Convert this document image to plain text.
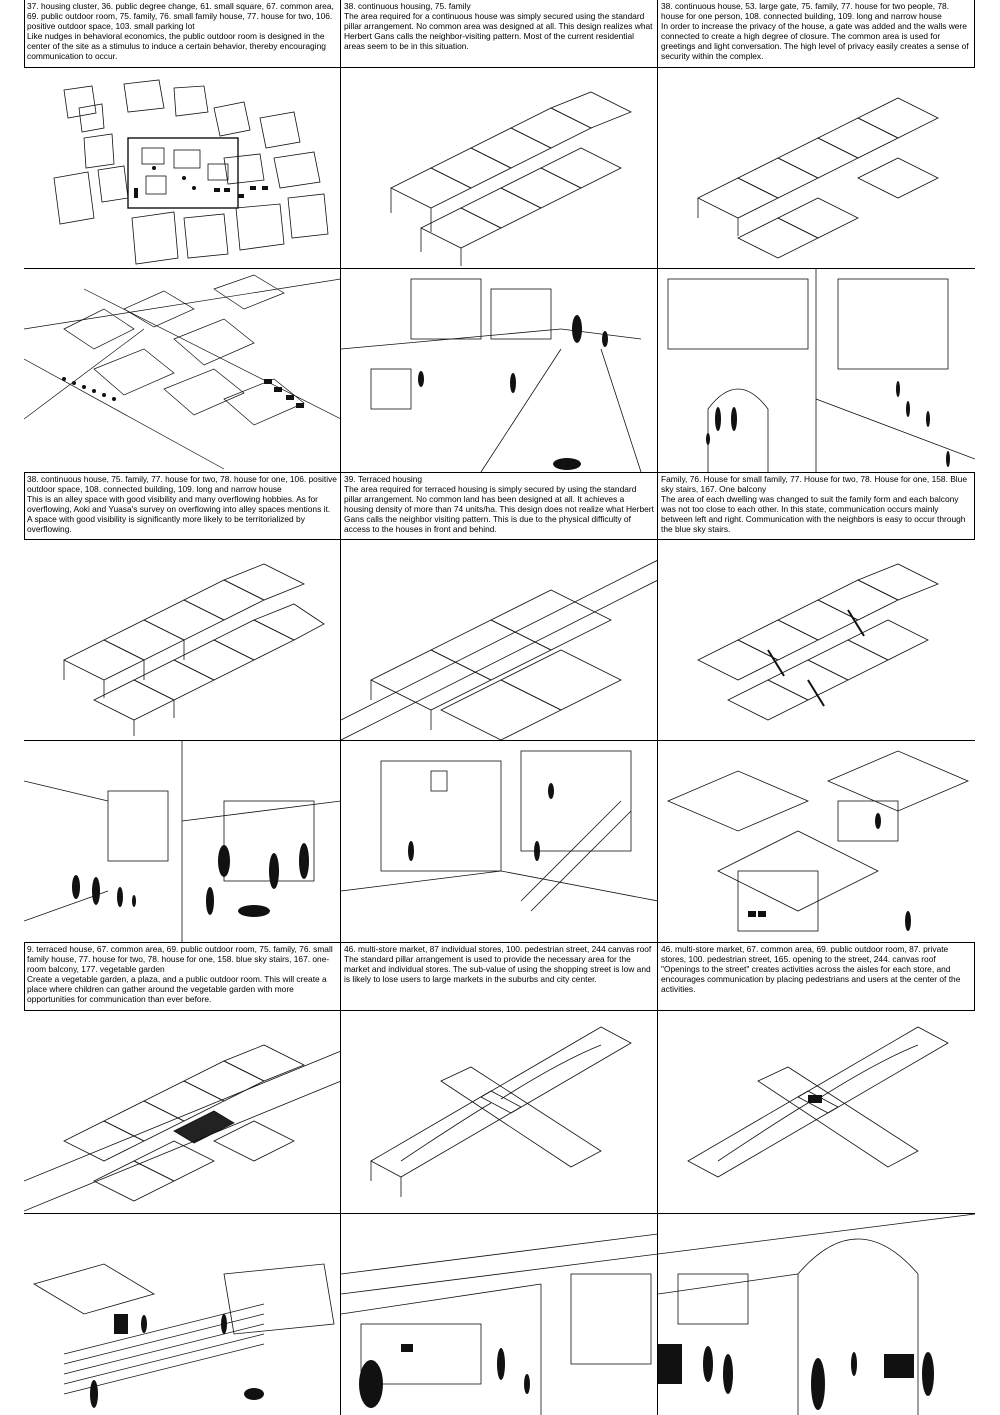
37. housing cluster, 36. public degree change, 61. small square, 67. common area, 69. public outdoor room, 75. family, 76. small family house, 77. house for two, 106. positive outdoor space, 103. small parking lot
Like nudges in behavioral economics, the public outdoor room is designed in the center of the site as a stimulus to induce a certain behavior, thereby encouraging communication to occur.
38. continuous house, 75. family, 77. house for two, 78. house for one, 106. positive outdoor space, 108. connected building, 109. long and narrow house
This is an alley space with good visibility and many overflowing hobbies. As for overflowing, Aoki and Yuasa's survey on overflowing into alley spaces mentions it. A space with good visibility is significantly more likely to be territorialized by overflowing.
9. terraced house, 67. common area, 69. public outdoor room, 75. family, 76. small family house, 77. house for two, 78. house for one, 158. blue sky stairs, 167. one-room balcony, 177. vegetable garden
Create a vegetable garden, a plaza, and a public outdoor room. This will create a place where children can gather around the vegetable garden with more opportunities for communication than ever before.
38. continuous housing, 75. family
The area required for a continuous house was simply secured using the standard pillar arrangement. No common area was designed at all. This design realizes what Herbert Gans calls the neighbor-visiting pattern. Most of the current residential areas seem to be in this situation.
39. Terraced housing
The area required for terraced housing is simply secured by using the standard pillar arrangement. No common land has been designed at all. It achieves a housing density of more than 74 units/ha. This design does not realize what Herbert Gans calls the neighbor visiting pattern. This is due to the physical difficulty of access to the houses in front and behind.
46. multi-store market, 87 individual stores, 100. pedestrian street, 244 canvas roof
The standard pillar arrangement is used to provide the necessary area for the market and individual stores. The sub-value of using the shopping street is low and is likely to lose users to large markets in the suburbs and city center.
38. continuous house, 53. large gate, 75. family, 77. house for two people, 78. house for one person, 108. connected building, 109. long and narrow house
In order to increase the privacy of the house, a gate was added and the walls were connected to create a high degree of closure. The common area is used for greetings and light conversation. The high level of privacy easily creates a sense of security within the complex.
Family, 76. House for small family, 77. House for two, 78. House for one, 158. Blue sky stairs, 167. One balcony
The area of each dwelling was changed to suit the family form and each balcony was not too close to each other. In this state, communication occurs mainly between left and right. Communication with the neighbors is easy to occur through the blue sky stairs.
46. multi-store market, 67. common area, 69. public outdoor room, 87. private stores, 100. pedestrian street, 165. opening to the street, 244. canvas roof
"Openings to the street" creates activities across the aisles for each store, and encourages communication by placing pedestrians and users at the center of the activities.
